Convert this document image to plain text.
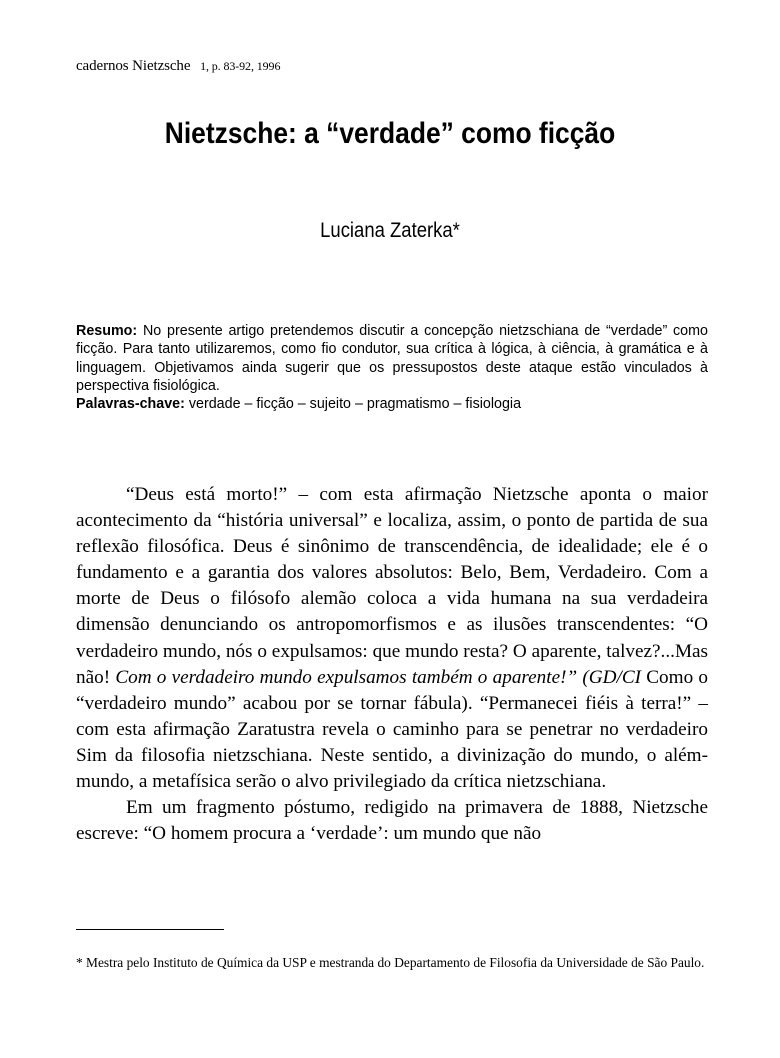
cadernos Nietzsche 1, p. 83-92, 1996
Nietzsche: a “verdade” como ficção
Luciana Zaterka*

Resumo: No presente artigo pretendemos discutir a concepção nietzschiana de “verdade” como ficção. Para tanto utilizaremos, como fio condutor, sua crítica à lógica, à ciência, à gramática e à linguagem. Objetivamos ainda sugerir que os pressupostos deste ataque estão vinculados à perspectiva fisiológica.

Palavras-chave: verdade – ficção – sujeito – pragmatismo – fisiologia

“Deus está morto!” – com esta afirmação Nietzsche aponta o maior acontecimento da “história universal” e localiza, assim, o ponto de partida de sua reflexão filosófica. Deus é sinônimo de transcendência, de idealidade; ele é o fundamento e a garantia dos valores absolutos: Belo, Bem, Verdadeiro. Com a morte de Deus o filósofo alemão coloca a vida humana na sua verdadeira dimensão denunciando os antropomorfismos e as ilusões transcendentes: “O verdadeiro mundo, nós o expulsamos: que mundo resta? O aparente, talvez?...Mas não! Com o verdadeiro mundo expulsamos também o aparente!” (GD/CI Como o “verdadeiro mundo” acabou por se tornar fábula). “Permanecei fiéis à terra!” – com esta afirmação Zaratustra revela o caminho para se penetrar no verdadeiro Sim da filosofia nietzschiana. Neste sentido, a divinização do mundo, o além-mundo, a metafísica serão o alvo privilegiado da crítica nietzschiana.

Em um fragmento póstumo, redigido na primavera de 1888, Nietzsche escreve: “O homem procura a ‘verdade’: um mundo que não

* Mestra pelo Instituto de Química da USP e mestranda do Departamento de Filosofia da Universidade de São Paulo.
